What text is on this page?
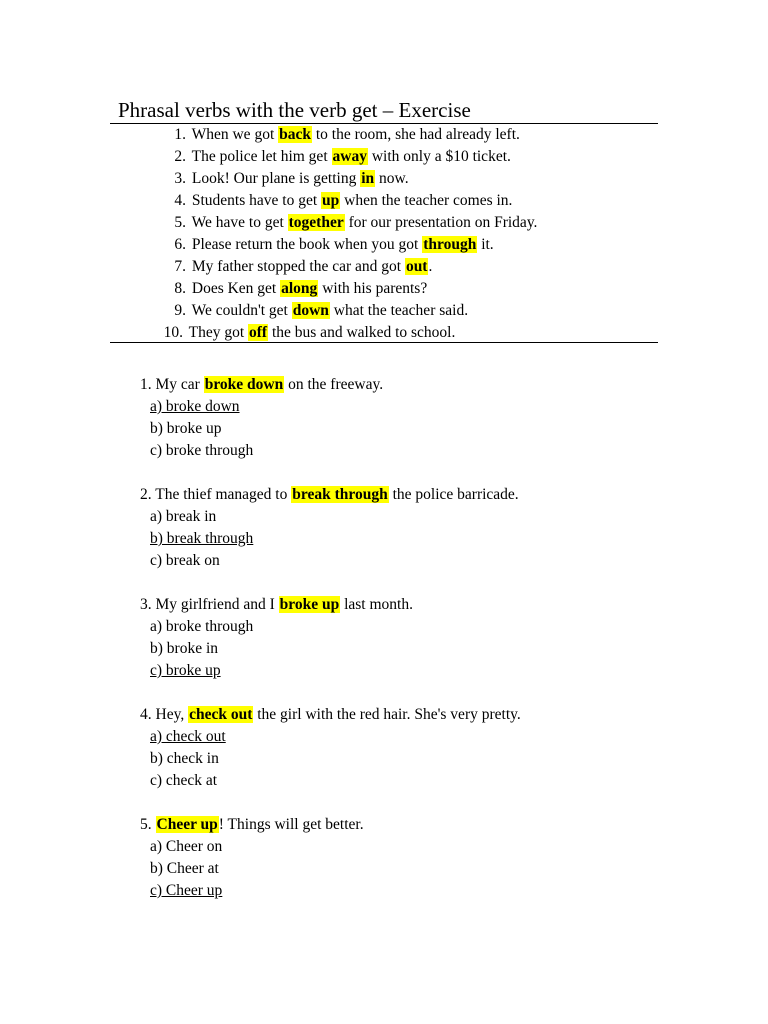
Phrasal verbs with the verb get – Exercise
1. When we got back to the room, she had already left.
2. The police let him get away with only a $10 ticket.
3. Look! Our plane is getting in now.
4. Students have to get up when the teacher comes in.
5. We have to get together for our presentation on Friday.
6. Please return the book when you got through it.
7. My father stopped the car and got out.
8. Does Ken get along with his parents?
9. We couldn't get down what the teacher said.
10. They got off the bus and walked to school.
1. My car broke down on the freeway.
a) broke down
b) broke up
c) broke through
2. The thief managed to break through the police barricade.
a) break in
b) break through
c) break on
3. My girlfriend and I broke up last month.
a) broke through
b) broke in
c) broke up
4. Hey, check out the girl with the red hair. She's very pretty.
a) check out
b) check in
c) check at
5. Cheer up! Things will get better.
a) Cheer on
b) Cheer at
c) Cheer up
